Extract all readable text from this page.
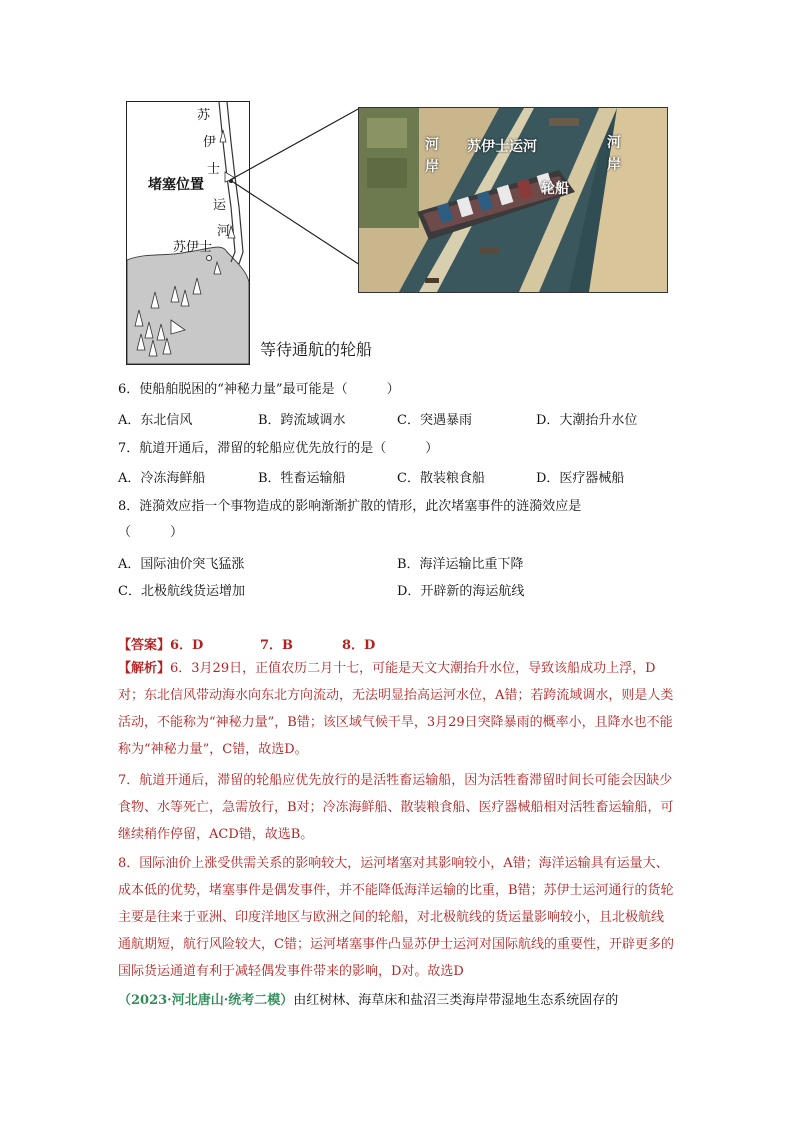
苏
伊
士
堵塞位置
运
河
苏伊士
等待通航的轮船
河
岸
苏伊士运河
轮船
河
岸
6．使船舶脱困的“神秘力量”最可能是（　　　）
A．东北信风	B．跨流域调水	C．突遇暴雨	D．大潮抬升水位
7．航道开通后，滞留的轮船应优先放行的是（　　　）
A．冷冻海鲜船	B．牲畜运输船	C．散装粮食船	D．医疗器械船
8．涟漪效应指一个事物造成的影响渐渐扩散的情形，此次堵塞事件的涟漪效应是
（　　　）
A．国际油价突飞猛涨	B．海洋运输比重下降
C．北极航线货运增加	D．开辟新的海运航线
【答案】6．D	7．B	8．D
【解析】6．3月29日，正值农历二月十七，可能是天文大潮抬升水位，导致该船成功上浮，D对；东北信风带动海水向东北方向流动，无法明显抬高运河水位，A错；若跨流域调水，则是人类活动，不能称为“神秘力量”，B错；该区域气候干旱，3月29日突降暴雨的概率小，且降水也不能称为“神秘力量”，C错，故选D。
7．航道开通后，滞留的轮船应优先放行的是活牲畜运输船，因为活牲畜滞留时间长可能会因缺少食物、水等死亡，急需放行，B对；冷冻海鲜船、散装粮食船、医疗器械船相对活牲畜运输船，可继续稍作停留，ACD错，故选B。
8．国际油价上涨受供需关系的影响较大，运河堵塞对其影响较小，A错；海洋运输具有运量大、成本低的优势，堵塞事件是偶发事件，并不能降低海洋运输的比重，B错；苏伊士运河通行的货轮主要是往来于亚洲、印度洋地区与欧洲之间的轮船，对北极航线的货运量影响较小，且北极航线通航期短，航行风险较大，C错；运河堵塞事件凸显苏伊士运河对国际航线的重要性，开辟更多的国际货运通道有利于减轻偶发事件带来的影响，D对。故选D
（2023·河北唐山·统考二模）由红树林、海草床和盐沼三类海岸带湿地生态系统固存的
